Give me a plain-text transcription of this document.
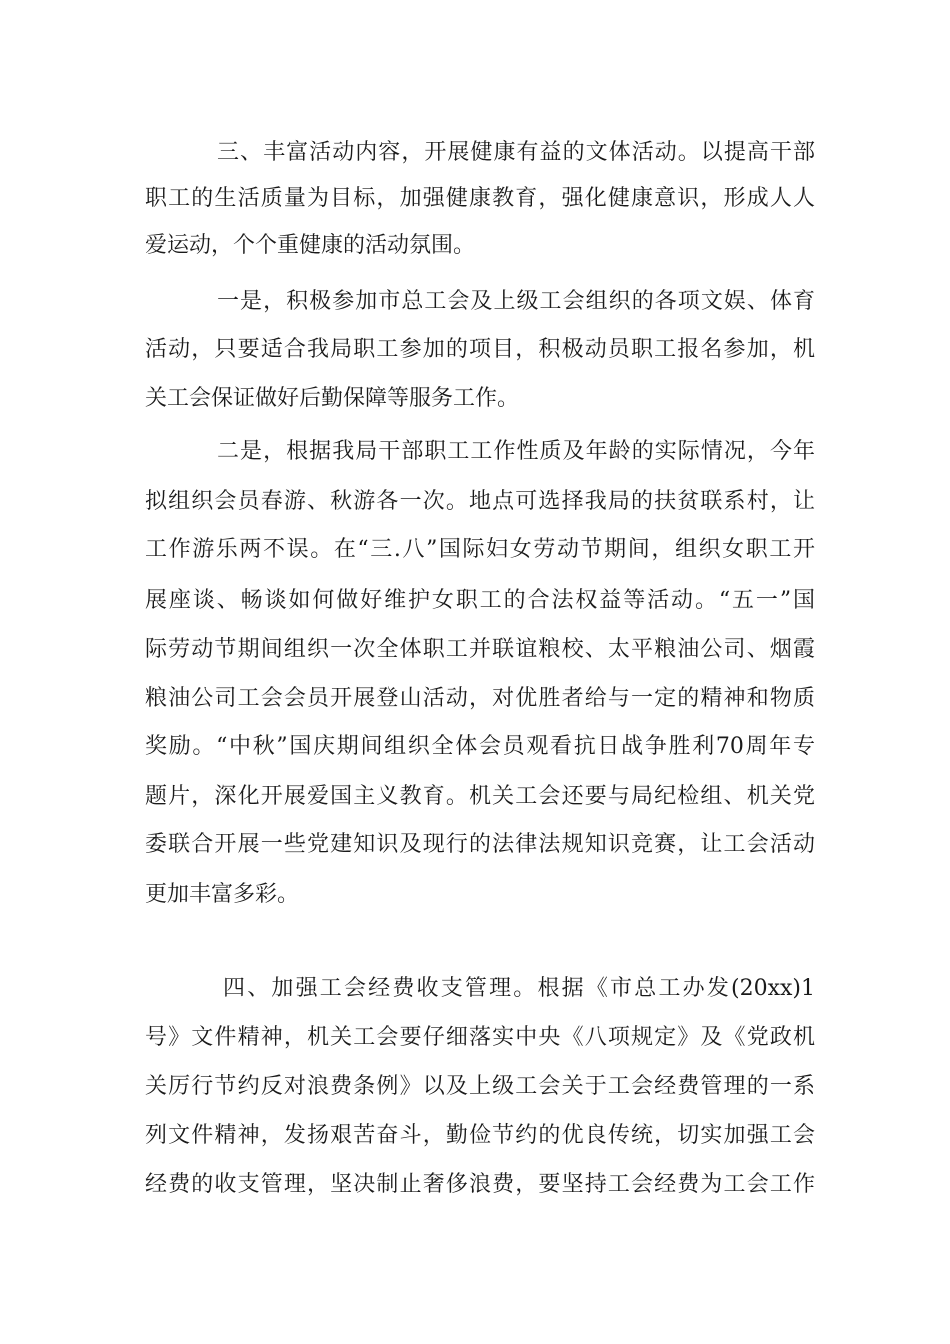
三、丰富活动内容，开展健康有益的文体活动。以提高干部
职工的生活质量为目标，加强健康教育，强化健康意识，形成人人
爱运动，个个重健康的活动氛围。
一是，积极参加市总工会及上级工会组织的各项文娱、体育
活动，只要适合我局职工参加的项目，积极动员职工报名参加，机
关工会保证做好后勤保障等服务工作。
二是，根据我局干部职工工作性质及年龄的实际情况，今年
拟组织会员春游、秋游各一次。地点可选择我局的扶贫联系村，让
工作游乐两不误。在“三.八”国际妇女劳动节期间，组织女职工开
展座谈、畅谈如何做好维护女职工的合法权益等活动。“五一”国
际劳动节期间组织一次全体职工并联谊粮校、太平粮油公司、烟霞
粮油公司工会会员开展登山活动，对优胜者给与一定的精神和物质
奖励。“中秋”国庆期间组织全体会员观看抗日战争胜利70周年专
题片，深化开展爱国主义教育。机关工会还要与局纪检组、机关党
委联合开展一些党建知识及现行的法律法规知识竞赛，让工会活动
更加丰富多彩。
四、加强工会经费收支管理。根据《市总工办发(20xx)1
号》文件精神，机关工会要仔细落实中央《八项规定》及《党政机
关厉行节约反对浪费条例》以及上级工会关于工会经费管理的一系
列文件精神，发扬艰苦奋斗，勤俭节约的优良传统，切实加强工会
经费的收支管理，坚决制止奢侈浪费，要坚持工会经费为工会工作
